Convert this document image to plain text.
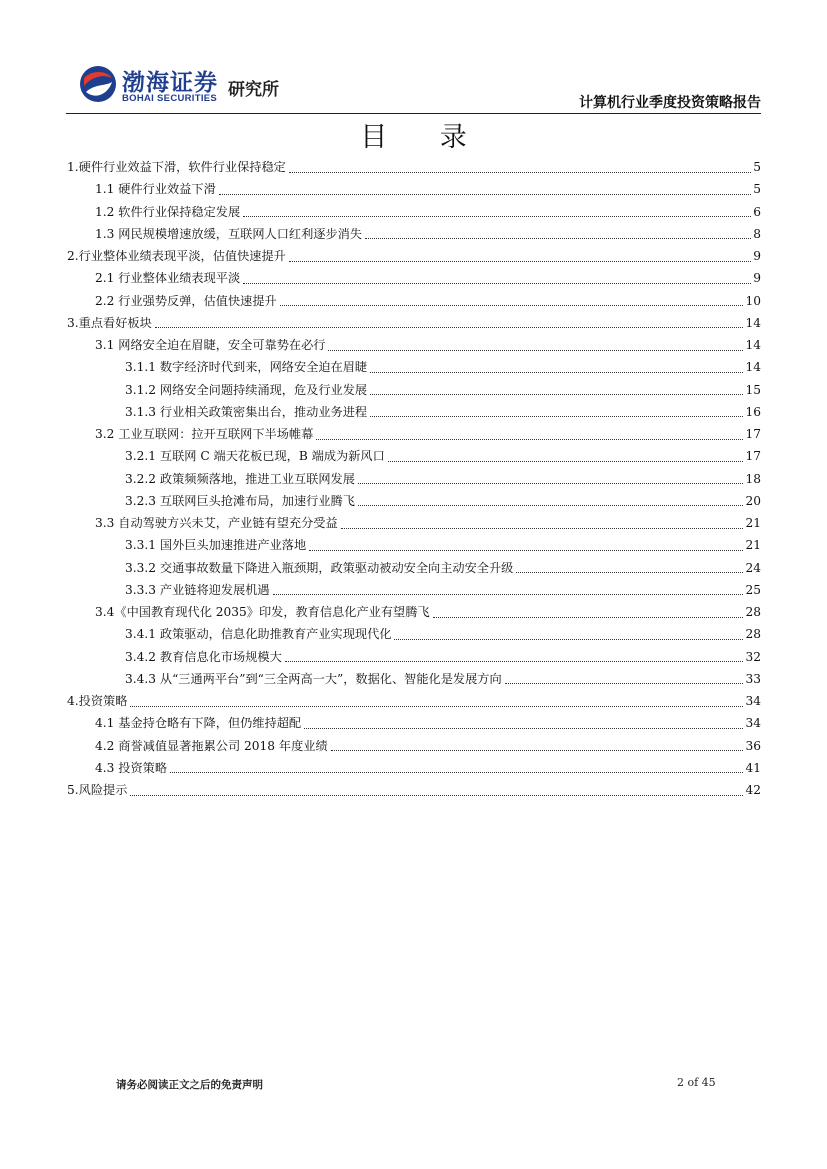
渤海证券
BOHAI SECURITIES 研究所
计算机行业季度投资策略报告
目 录
1.硬件行业效益下滑，软件行业保持稳定	5
1.1 硬件行业效益下滑	5
1.2 软件行业保持稳定发展	6
1.3 网民规模增速放缓，互联网人口红利逐步消失	8
2.行业整体业绩表现平淡，估值快速提升	9
2.1 行业整体业绩表现平淡	9
2.2 行业强势反弹，估值快速提升	10
3.重点看好板块	14
3.1 网络安全迫在眉睫，安全可靠势在必行	14
3.1.1 数字经济时代到来，网络安全迫在眉睫	14
3.1.2 网络安全问题持续涌现，危及行业发展	15
3.1.3 行业相关政策密集出台，推动业务进程	16
3.2 工业互联网：拉开互联网下半场帷幕	17
3.2.1 互联网 C 端天花板已现，B 端成为新风口	17
3.2.2 政策频频落地，推进工业互联网发展	18
3.2.3 互联网巨头抢滩布局，加速行业腾飞	20
3.3 自动驾驶方兴未艾，产业链有望充分受益	21
3.3.1 国外巨头加速推进产业落地	21
3.3.2 交通事故数量下降进入瓶颈期，政策驱动被动安全向主动安全升级	24
3.3.3 产业链将迎发展机遇	25
3.4《中国教育现代化 2035》印发，教育信息化产业有望腾飞	28
3.4.1 政策驱动，信息化助推教育产业实现现代化	28
3.4.2 教育信息化市场规模大	32
3.4.3 从“三通两平台”到“三全两高一大”，数据化、智能化是发展方向	33
4.投资策略	34
4.1 基金持仓略有下降，但仍维持超配	34
4.2 商誉减值显著拖累公司 2018 年度业绩	36
4.3 投资策略	41
5.风险提示	42
请务必阅读正文之后的免责声明	2 of 45
